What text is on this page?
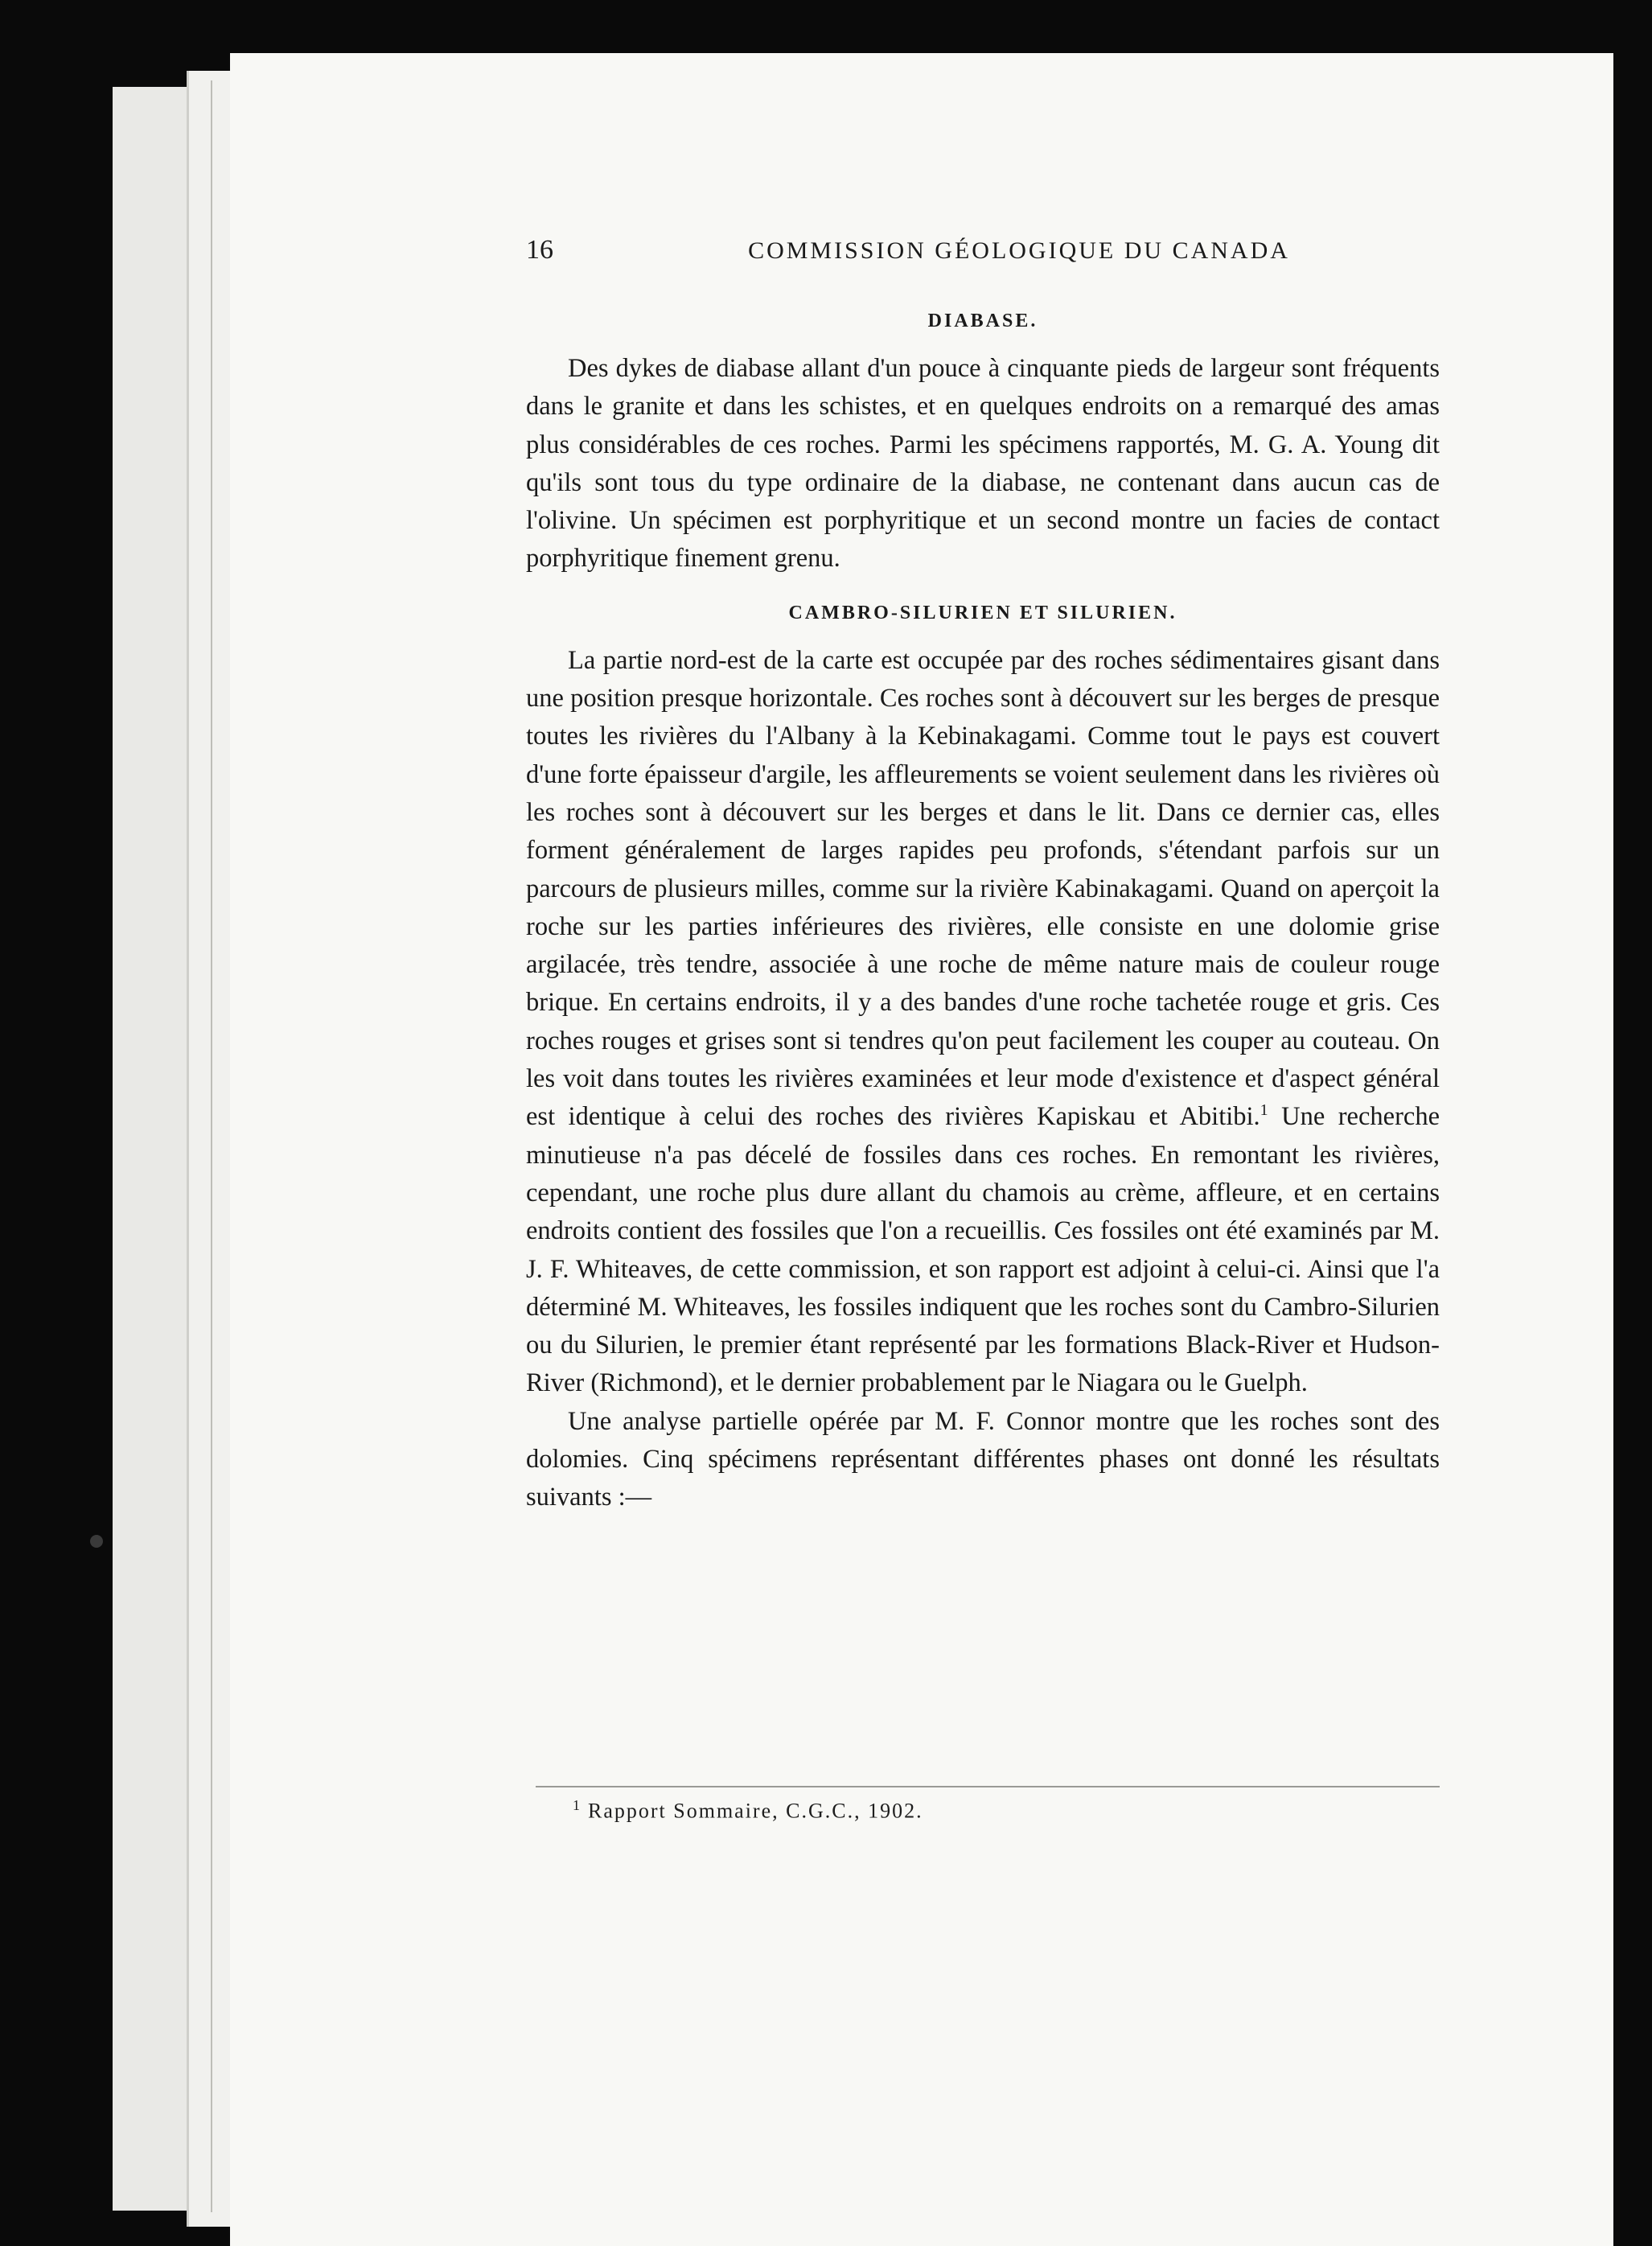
16	COMMISSION GÉOLOGIQUE DU CANADA
DIABASE.

Des dykes de diabase allant d'un pouce à cinquante pieds de largeur sont fréquents dans le granite et dans les schistes, et en quelques endroits on a remarqué des amas plus considérables de ces roches. Parmi les spécimens rapportés, M. G. A. Young dit qu'ils sont tous du type ordinaire de la diabase, ne contenant dans aucun cas de l'olivine. Un spécimen est porphyritique et un second montre un facies de contact porphyritique finement grenu.

CAMBRO-SILURIEN ET SILURIEN.

La partie nord-est de la carte est occupée par des roches sédimentaires gisant dans une position presque horizontale. Ces roches sont à découvert sur les berges de presque toutes les rivières du l'Albany à la Kebinakagami. Comme tout le pays est couvert d'une forte épaisseur d'argile, les affleurements se voient seulement dans les rivières où les roches sont à découvert sur les berges et dans le lit. Dans ce dernier cas, elles forment généralement de larges rapides peu profonds, s'étendant parfois sur un parcours de plusieurs milles, comme sur la rivière Kabinakagami. Quand on aperçoit la roche sur les parties inférieures des rivières, elle consiste en une dolomie grise argilacée, très tendre, associée à une roche de même nature mais de couleur rouge brique. En certains endroits, il y a des bandes d'une roche tachetée rouge et gris. Ces roches rouges et grises sont si tendres qu'on peut facilement les couper au couteau. On les voit dans toutes les rivières examinées et leur mode d'existence et d'aspect général est identique à celui des roches des rivières Kapiskau et Abitibi.$^1$ Une recherche minutieuse n'a pas décelé de fossiles dans ces roches. En remontant les rivières, cependant, une roche plus dure allant du chamois au crème, affleure, et en certains endroits contient des fossiles que l'on a recueillis. Ces fossiles ont été examinés par M. J. F. Whiteaves, de cette commission, et son rapport est adjoint à celui-ci. Ainsi que l'a déterminé M. Whiteaves, les fossiles indiquent que les roches sont du Cambro-Silurien ou du Silurien, le premier étant représenté par les formations Black-River et Hudson-River (Richmond), et le dernier probablement par le Niagara ou le Guelph.

Une analyse partielle opérée par M. F. Connor montre que les roches sont des dolomies. Cinq spécimens représentant différentes phases ont donné les résultats suivants :—

$^1$ Rapport Sommaire, C.G.C., 1902.
